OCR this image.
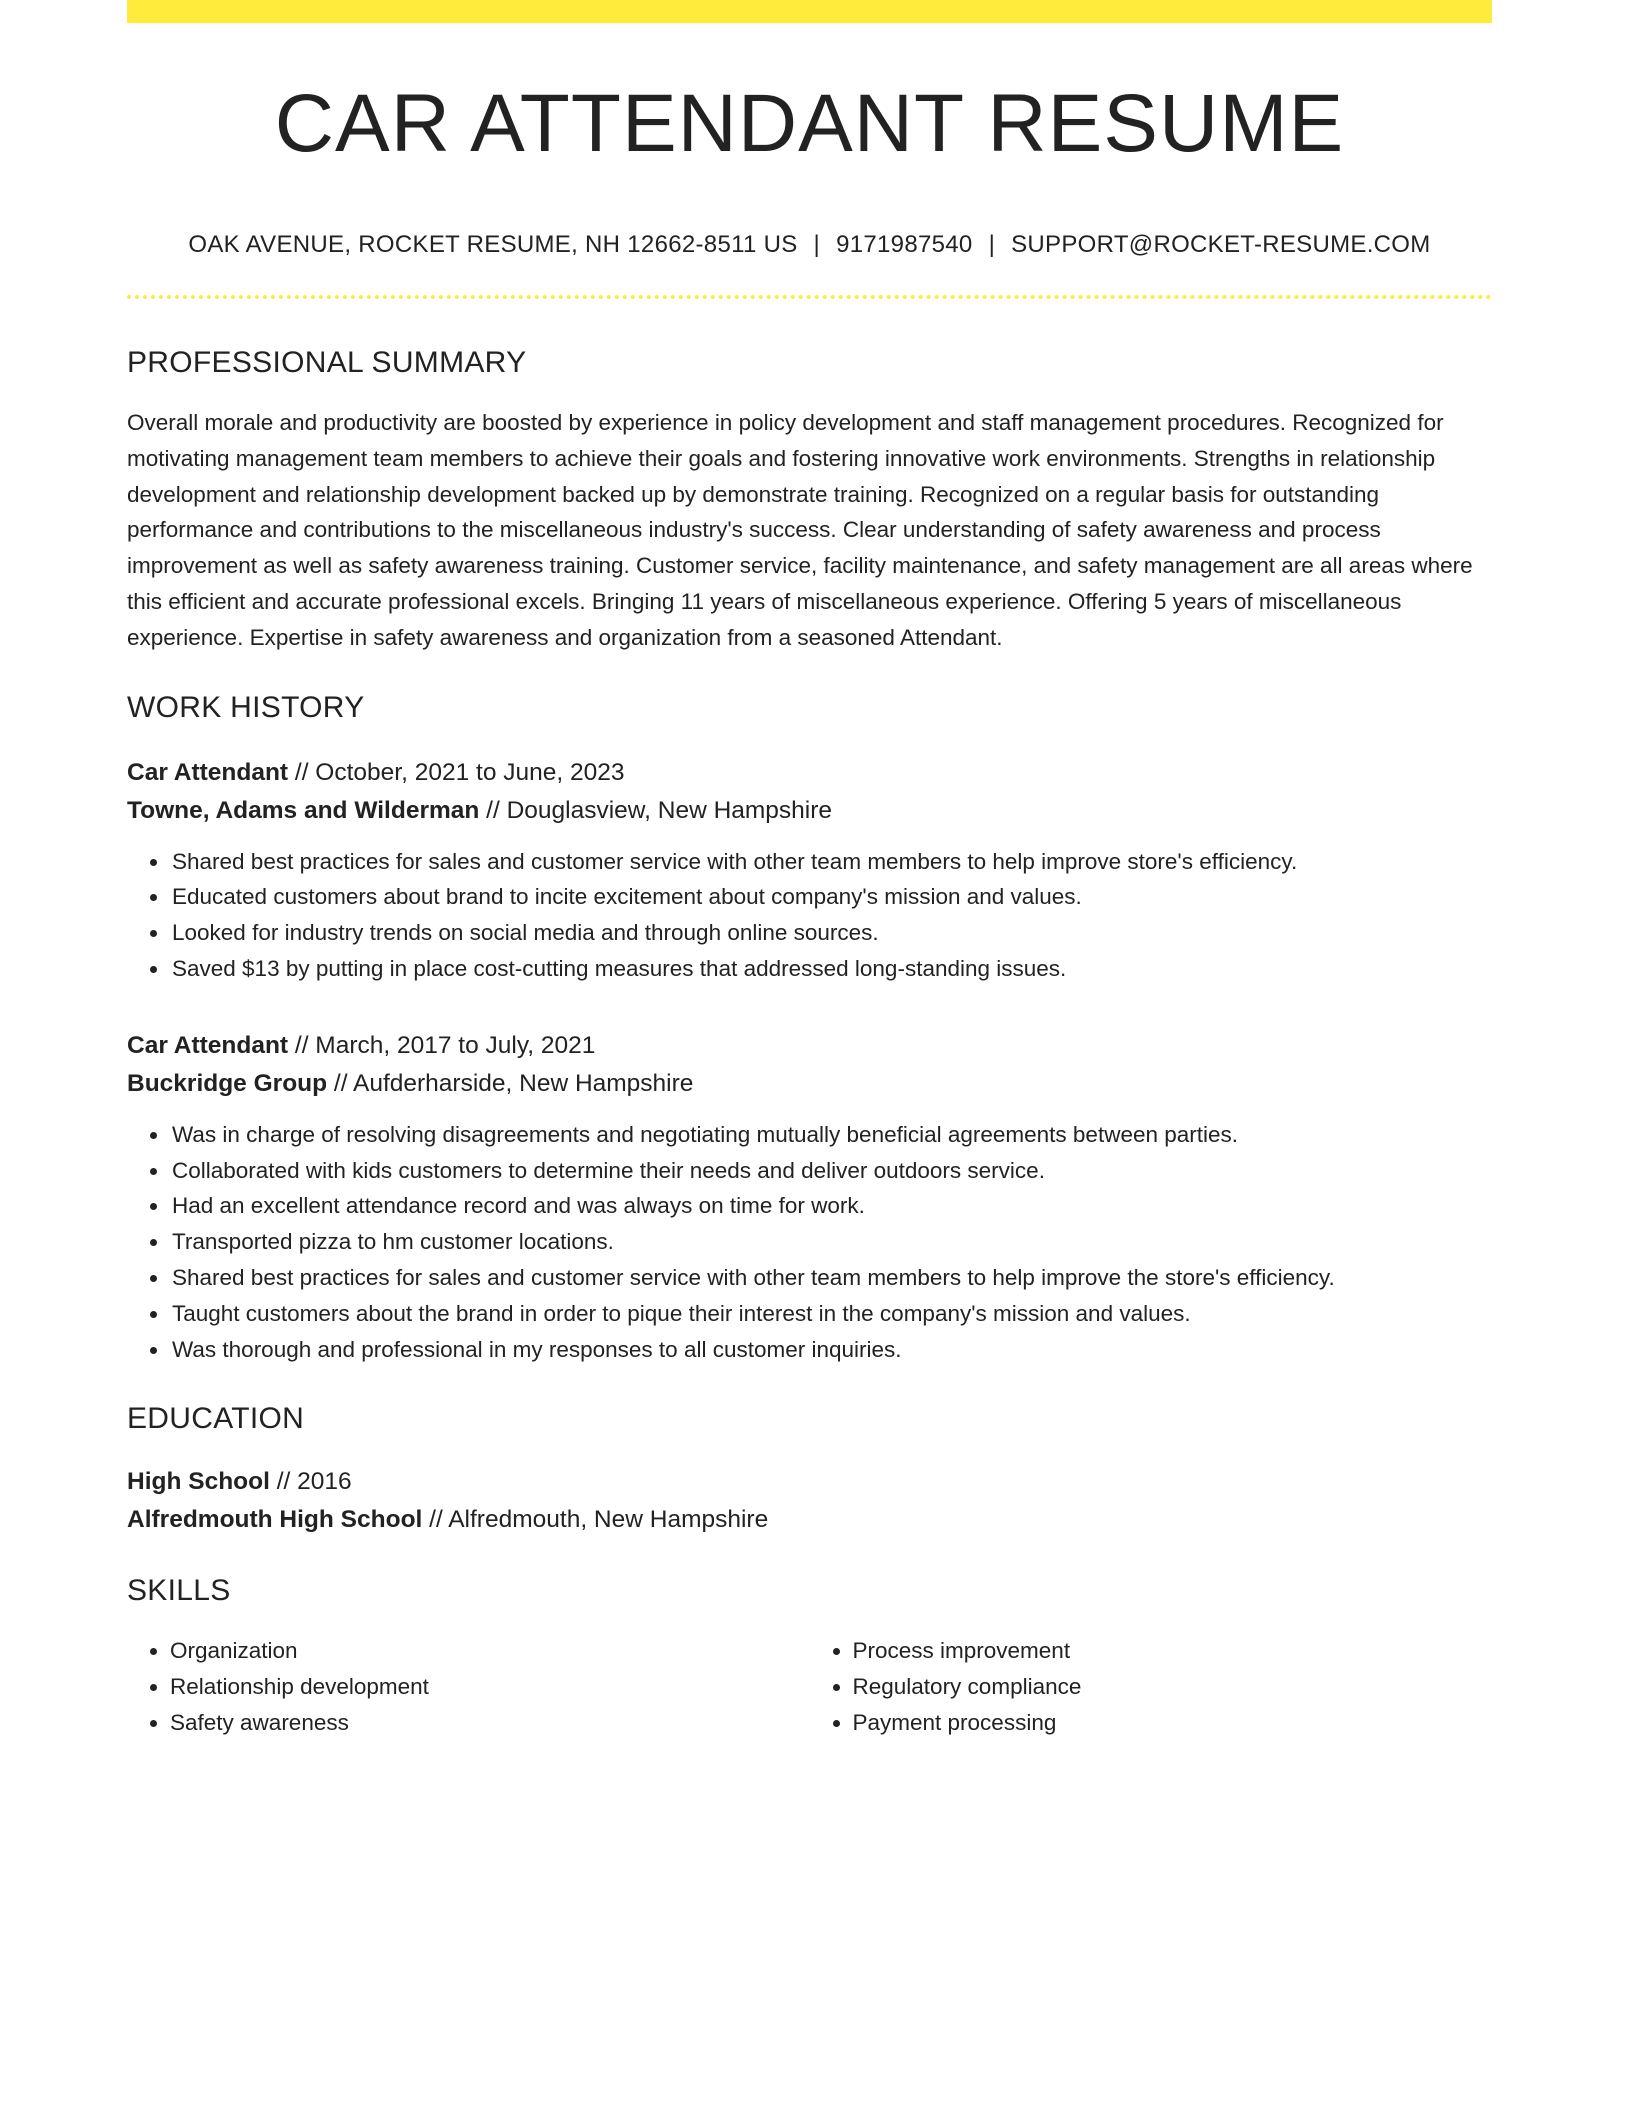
CAR ATTENDANT RESUME
OAK AVENUE, ROCKET RESUME, NH 12662-8511 US | 9171987540 | SUPPORT@ROCKET-RESUME.COM
PROFESSIONAL SUMMARY

Overall morale and productivity are boosted by experience in policy development and staff management procedures. Recognized for motivating management team members to achieve their goals and fostering innovative work environments. Strengths in relationship development and relationship development backed up by demonstrate training. Recognized on a regular basis for outstanding performance and contributions to the miscellaneous industry's success. Clear understanding of safety awareness and process improvement as well as safety awareness training. Customer service, facility maintenance, and safety management are all areas where this efficient and accurate professional excels. Bringing 11 years of miscellaneous experience. Offering 5 years of miscellaneous experience. Expertise in safety awareness and organization from a seasoned Attendant.

WORK HISTORY
Car Attendant // October, 2021 to June, 2023
Towne, Adams and Wilderman // Douglasview, New Hampshire
• Shared best practices for sales and customer service with other team members to help improve store's efficiency.
• Educated customers about brand to incite excitement about company's mission and values.
• Looked for industry trends on social media and through online sources.
• Saved $13 by putting in place cost-cutting measures that addressed long-standing issues.
Car Attendant // March, 2017 to July, 2021
Buckridge Group // Aufderharside, New Hampshire
• Was in charge of resolving disagreements and negotiating mutually beneficial agreements between parties.
• Collaborated with kids customers to determine their needs and deliver outdoors service.
• Had an excellent attendance record and was always on time for work.
• Transported pizza to hm customer locations.
• Shared best practices for sales and customer service with other team members to help improve the store's efficiency.
• Taught customers about the brand in order to pique their interest in the company's mission and values.
• Was thorough and professional in my responses to all customer inquiries.
EDUCATION
High School // 2016
Alfredmouth High School // Alfredmouth, New Hampshire
SKILLS
• Organization
• Relationship development
• Safety awareness
• Process improvement
• Regulatory compliance
• Payment processing
